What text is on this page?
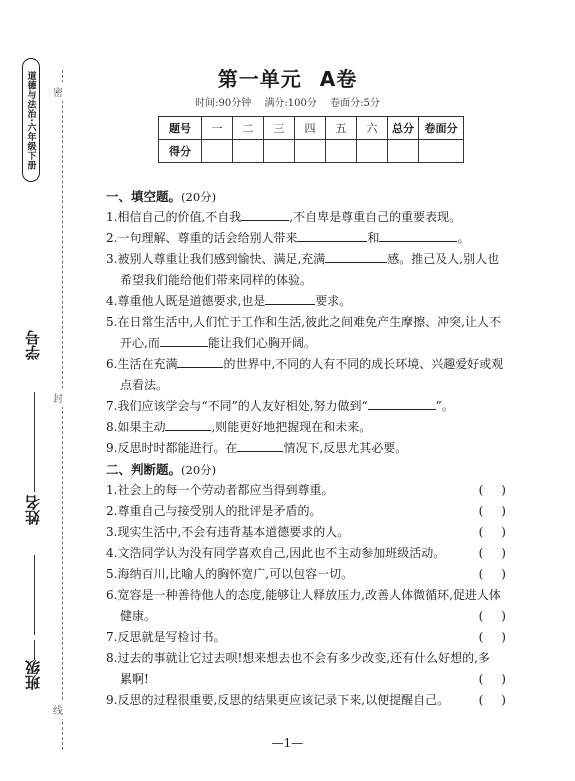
道德与法治·六年级下册 密
封
线
学号
姓名
班级
第一单元 A卷
时间:90分钟 满分:100分 卷面分:5分
题号	一	二	三	四	五	六	总分	卷面分
得分								
一、填空题。(20分)
1.相信自己的价值,不自我	,不自卑是尊重自己的重要表现。
2.一句理解、尊重的话会给别人带来	和	。
3.被别人尊重让我们感到愉快、满足,充满	感。推己及人,别人也
希望我们能给他们带来同样的体验。
4.尊重他人既是道德要求,也是	要求。
5.在日常生活中,人们忙于工作和生活,彼此之间难免产生摩擦、冲突,让人不
开心,而	能让我们心胸开阔。
6.生活在充满	的世界中,不同的人有不同的成长环境、兴趣爱好或观
点看法。
7.我们应该学会与“不同”的人友好相处,努力做到“	”。
8.如果主动	,则能更好地把握现在和未来。
9.反思时时都能进行。在	情况下,反思尤其必要。
二、判断题。(20分)
1.社会上的每一个劳动者都应当得到尊重。	()
2.尊重自己与接受别人的批评是矛盾的。	()
3.现实生活中,不会有违背基本道德要求的人。	()
4.文浩同学认为没有同学喜欢自己,因此也不主动参加班级活动。	()
5.海纳百川,比喻人的胸怀宽广,可以包容一切。	()
6.宽容是一种善待他人的态度,能够让人释放压力,改善人体微循环,促进人体
健康。	()
7.反思就是写检讨书。	()
8.过去的事就让它过去呗!想来想去也不会有多少改变,还有什么好想的,多
累啊!	()
9.反思的过程很重要,反思的结果更应该记录下来,以便提醒自己。 ()
—1—
